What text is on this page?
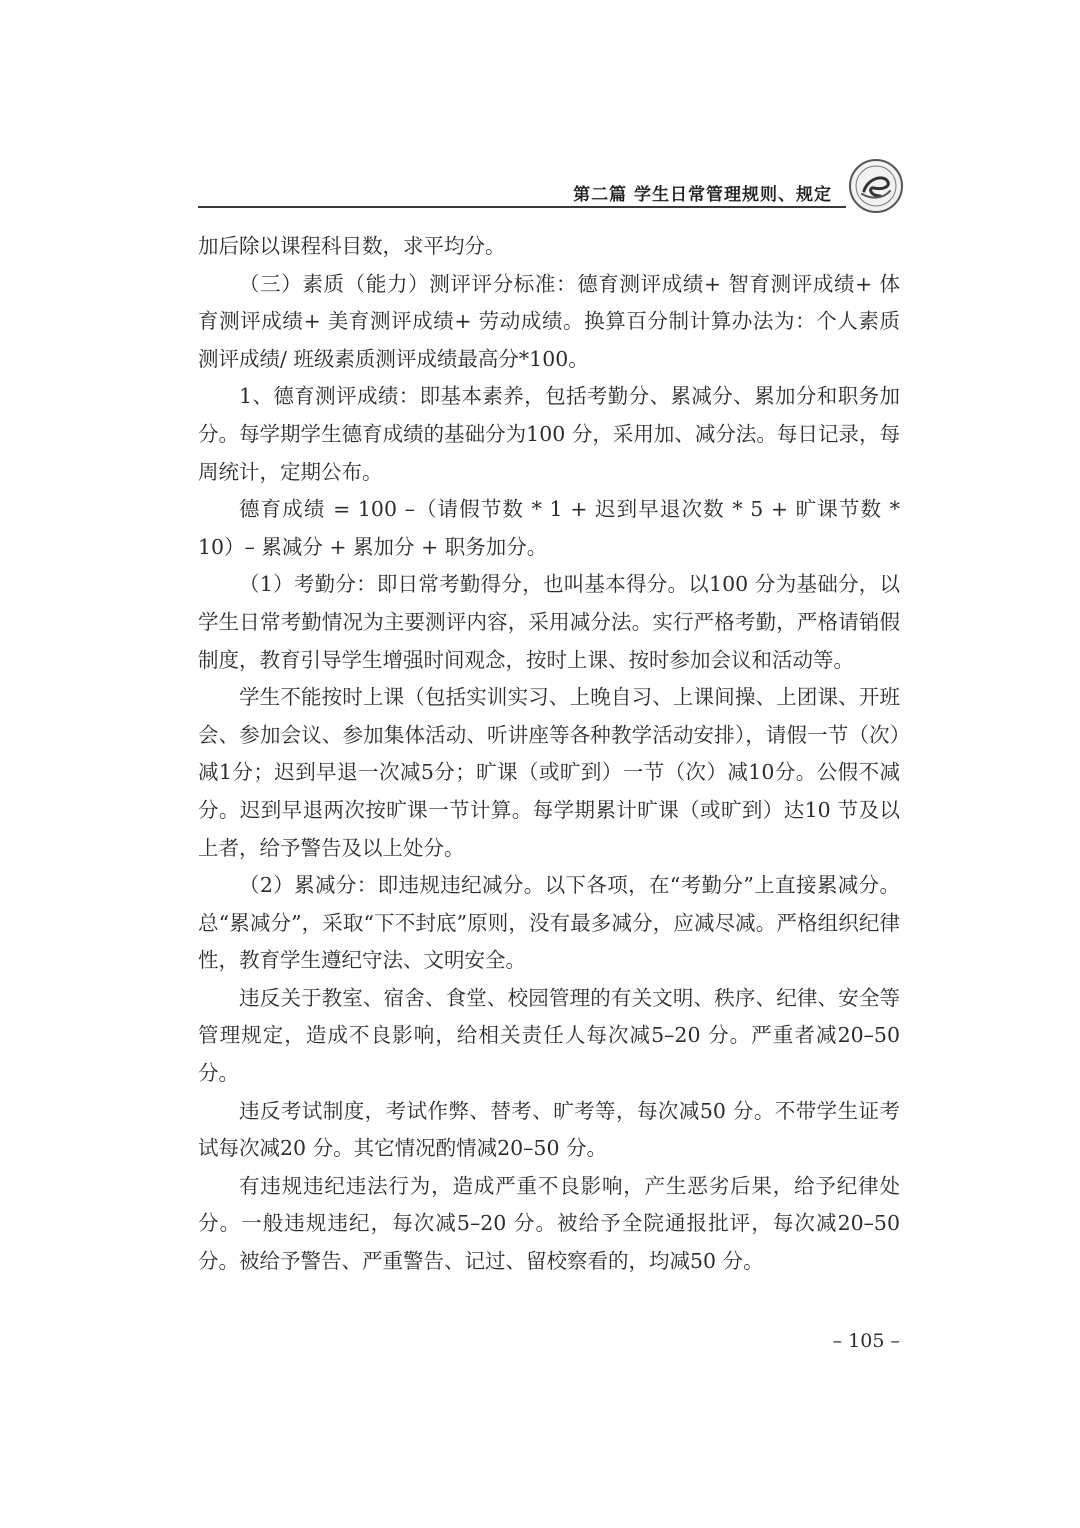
第二篇 学生日常管理规则、规定

加后除以课程科目数，求平均分。

（三）素质（能力）测评评分标准：德育测评成绩+ 智育测评成绩+ 体育测评成绩+ 美育测评成绩+ 劳动成绩。换算百分制计算办法为：个人素质测评成绩/ 班级素质测评成绩最高分*100。

1、德育测评成绩：即基本素养，包括考勤分、累减分、累加分和职务加分。每学期学生德育成绩的基础分为100 分，采用加、减分法。每日记录，每周统计，定期公布。

德育成绩 = 100 –（请假节数 * 1 + 迟到早退次数 * 5 + 旷课节数 * 10）– 累减分 + 累加分 + 职务加分。

（1）考勤分：即日常考勤得分，也叫基本得分。以100 分为基础分，以学生日常考勤情况为主要测评内容，采用减分法。实行严格考勤，严格请销假制度，教育引导学生增强时间观念，按时上课、按时参加会议和活动等。

学生不能按时上课（包括实训实习、上晚自习、上课间操、上团课、开班会、参加会议、参加集体活动、听讲座等各种教学活动安排），请假一节（次）减1分；迟到早退一次减5分；旷课（或旷到）一节（次）减10分。公假不减分。迟到早退两次按旷课一节计算。每学期累计旷课（或旷到）达10 节及以上者，给予警告及以上处分。

（2）累减分：即违规违纪减分。以下各项，在“考勤分”上直接累减分。总“累减分”，采取“下不封底”原则，没有最多减分，应减尽减。严格组织纪律性，教育学生遵纪守法、文明安全。

违反关于教室、宿舍、食堂、校园管理的有关文明、秩序、纪律、安全等管理规定，造成不良影响，给相关责任人每次减5–20 分。严重者减20–50 分。

违反考试制度，考试作弊、替考、旷考等，每次减50 分。不带学生证考试每次减20 分。其它情况酌情减20–50 分。

有违规违纪违法行为，造成严重不良影响，产生恶劣后果，给予纪律处分。一般违规违纪，每次减5–20 分。被给予全院通报批评，每次减20–50分。被给予警告、严重警告、记过、留校察看的，均减50 分。

– 105 –
